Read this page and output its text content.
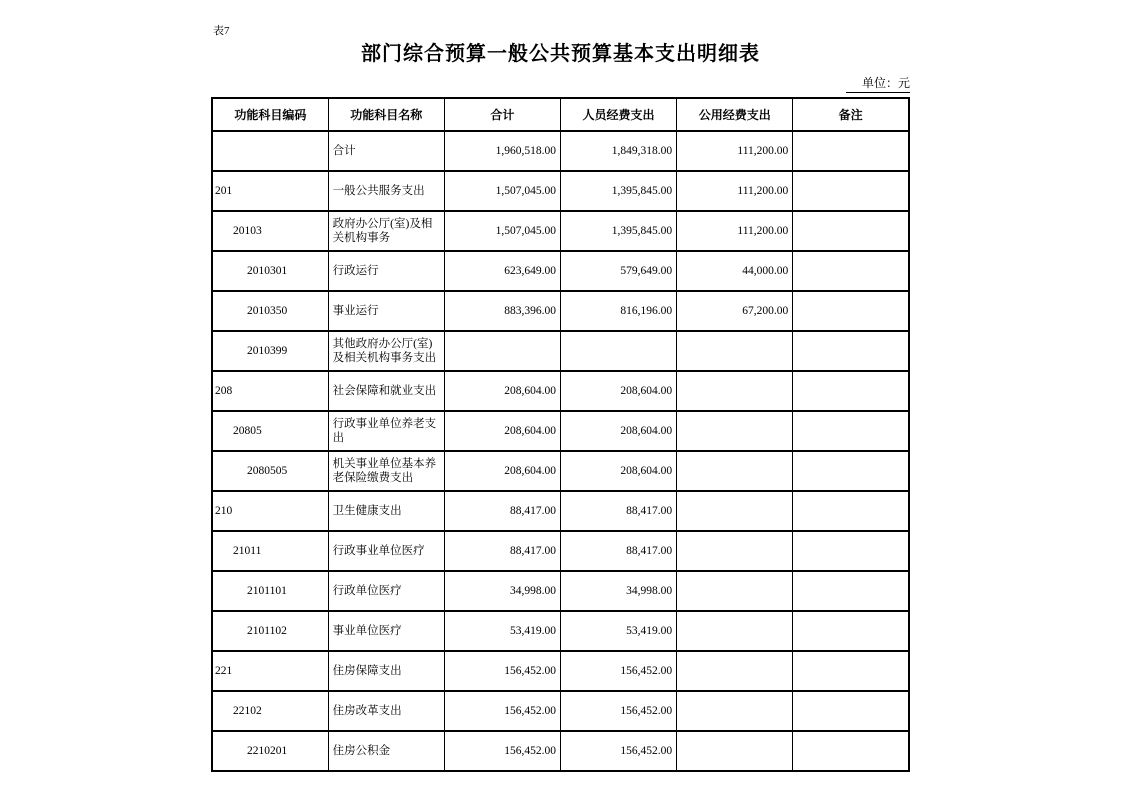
表7
部门综合预算一般公共预算基本支出明细表
单位：元
功能科目编码	功能科目名称	合计	人员经费支出	公用经费支出	备注
	合计	1,960,518.00	1,849,318.00	111,200.00	
201	一般公共服务支出	1,507,045.00	1,395,845.00	111,200.00	
20103	政府办公厅(室)及相关机构事务	1,507,045.00	1,395,845.00	111,200.00	
2010301	行政运行	623,649.00	579,649.00	44,000.00	
2010350	事业运行	883,396.00	816,196.00	67,200.00	
2010399	其他政府办公厅(室)及相关机构事务支出				
208	社会保障和就业支出	208,604.00	208,604.00		
20805	行政事业单位养老支出	208,604.00	208,604.00		
2080505	机关事业单位基本养老保险缴费支出	208,604.00	208,604.00		
210	卫生健康支出	88,417.00	88,417.00		
21011	行政事业单位医疗	88,417.00	88,417.00		
2101101	行政单位医疗	34,998.00	34,998.00		
2101102	事业单位医疗	53,419.00	53,419.00		
221	住房保障支出	156,452.00	156,452.00		
22102	住房改革支出	156,452.00	156,452.00		
2210201	住房公积金	156,452.00	156,452.00		
